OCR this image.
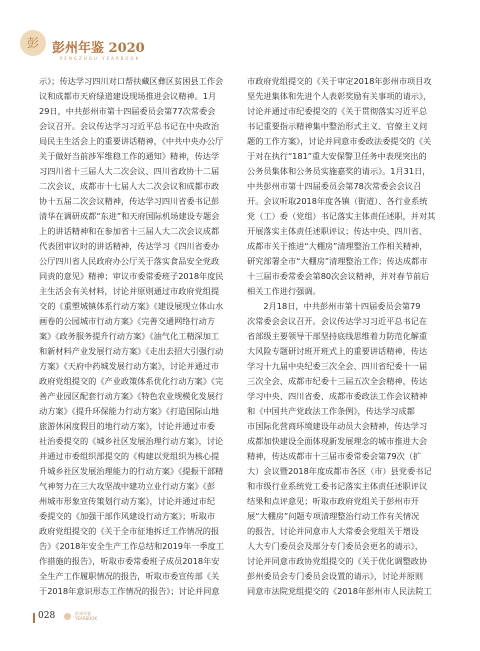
彭 彭州年鉴 2020
PENGZHOU YEARBOOK
示》；传达学习四川对口帮扶藏区彝区贫困县工作会
议和成都市天府绿道建设现场推进会议精神。1月
29日，中共彭州市第十四届委员会第77次常委会
会议召开。会议传达学习习近平总书记在中央政治
局民主生活会上的重要讲话精神，《中共中央办公厅
关于做好当前涉军维稳工作的通知》精神，传达学
习四川省十三届人大二次会议、四川省政协十二届
二次会议、成都市十七届人大二次会议和成都市政
协十五届二次会议精神，传达学习四川省委书记彭
清华在调研成都“东进”和天府国际机场建设专题会
上的讲话精神和在参加省十三届人大二次会议成都
代表团审议时的讲话精神，传达学习《四川省委办
公厅四川省人民政府办公厅关于落实食品安全党政
同责的意见》精神；审议市委常委班子2018年度民
主生活会有关材料，讨论并原则通过市政府党组提
交的《重塑城镇体系行动方案》《建设展现立体山水
画卷的公园城市行动方案》《完善交通网络行动方
案》《政务服务提升行动方案》《油气化工精深加工
和新材料产业发展行动方案》《走出去招大引强行动
方案》《天府中药城发展行动方案》，讨论并通过市
政府党组提交的《产业政策体系优化行动方案》《完
善产业园区配套行动方案》《特色农业规模化发展行
动方案》《提升环保能力行动方案》《打造国际山地
旅游休闲度假目的地行动方案》，讨论并通过市委
社治委提交的《城乡社区发展治理行动方案》，讨论
并通过市委组织部提交的《构建以党组织为核心提
升城乡社区发展治理能力的行动方案》《提振干部精
气神努力在三大攻坚战中建功立业行动方案》《彭
州城市形象宣传策划行动方案》，讨论并通过市纪
委提交的《加强干部作风建设行动方案》；听取市
政府党组提交的《关于全市征地拆迁工作情况的报
告》《2018年安全生产工作总结和2019年一季度工
作措施的报告》，听取市委常委班子成员2018年安
全生产工作履职情况的报告，听取市委宣传部《关
于2018年意识形态工作情况的报告》；讨论并同意
市政府党组提交的《关于审定2018年彭州市项目攻
坚先进集体和先进个人表彰奖励有关事项的请示》，
讨论并通过市纪委提交的《关于贯彻落实习近平总
书记重要指示精神集中整治形式主义、官僚主义问
题的工作方案》，讨论并同意市委政法委提交的《关
于对在执行“181”重大安保警卫任务中表现突出的
公务员集体和公务员实施嘉奖的请示》。1月31日，
中共彭州市第十四届委员会第78次常委会会议召
开。会议听取2018年度各镇（街道）、各行业系统
党（工）委（党组）书记落实主体责任述职，并对其
开展落实主体责任述职评议；传达中央、四川省、
成都市关于推进“大棚房”清理整治工作相关精神，
研究部署全市“大棚房”清理整治工作；传达成都市
十三届市委常委会第80次会议精神，并对春节前后
相关工作进行强调。
　　2月18日，中共彭州市第十四届委员会第79
次常委会会议召开。会议传达学习习近平总书记在
省部级主要领导干部坚持底线思维着力防范化解重
大风险专题研讨班开班式上的重要讲话精神，传达
学习十九届中央纪委三次全会、四川省纪委十一届
三次全会、成都市纪委十三届五次全会精神，传达
学习中央、四川省委、成都市委政法工作会议精神
和《中国共产党政法工作条例》，传达学习成都
市国际化营商环境建设年动员大会精神，传达学习
成都加快建设全面体现新发展理念的城市推进大会
精神，传达成都市十三届市委常委会第79次（扩
大）会议暨2018年度成都市各区（市）县党委书记
和市级行业系统党工委书记落实主体责任述职评议
结果和点评意见；听取市政府党组关于彭州市开
展“大棚房”问题专项清理整治行动工作有关情况
的报告，讨论并同意市人大常委会党组关于增设
人大专门委员会及部分专门委员会更名的请示》，
讨论并同意市政协党组提交的《关于优化调整政协
彭州委员会专门委员会设置的请示》，讨论并原则
同意市法院党组提交的《2018年彭州市人民法院工
028	彭州年鉴
YEARBOOK
